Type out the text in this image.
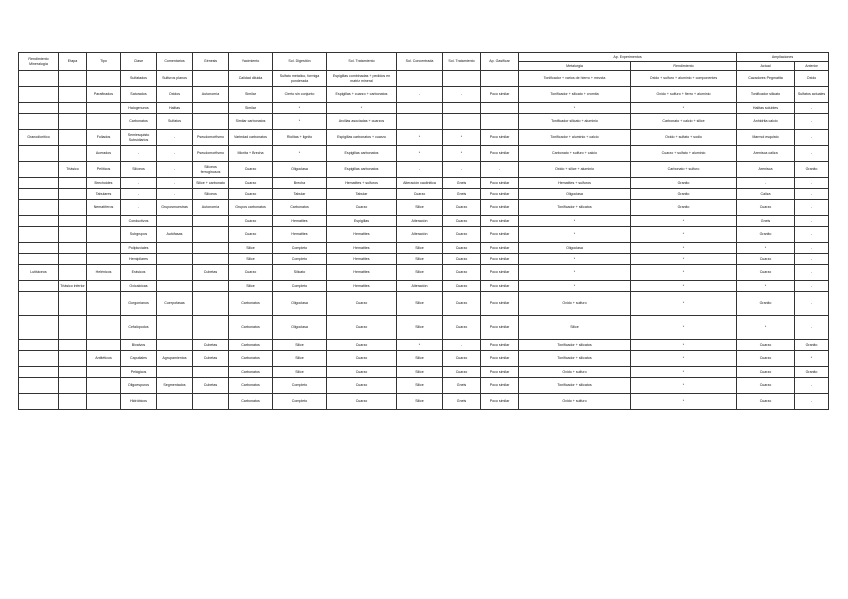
Rendimiento Mineralogía	Etapa	Tipo	Clase	Comentarios	Génesis	Yacimiento	Sol. Digestión	Sol. Tratamiento	Sol. Concentrada	Sol. Tratamiento	Ap. Gasificar	Ap. Experimentos		Ampliaciones	
												Metalurgia	Rendimiento	Actual	Anterior
			Sulfatados	Sulfuros planos		Calidad diluida	Sulfato metalico, formiga ponderada	Espigillas combinadas + pedidos en matriz mineral				Tonificador + varios de hierro + mezcla	Oxido + sulfuro + aluminio + componentes	Cazadores Pegmatita	Oxido
		Parafinados	Saturados	Oxidos	Autonomía	Similar	Cierto sin conjunto	Espigillas + cuarzo + carbonatos	-	-	Poco similar	Tonificador + silicato + cromita	Oxido + sulfuro + fierro + aluminio	Tonificador silicato	Sulfatos actuales
			Halogenuros	Halitas		Similar	*	*				*	*	Halitas solubles	-
			Carbonatos	Sulfatos		Similar carbonatos	*	Arcillas asociadas + cuarzos				Tonificador silicato + aluminio	Carbonato + calcio + silice	Anhidrita calcio	-
Granodiorítico		Foliados	Semiesquisto Subsidiarios	-	Pseudomorfismo	Variedad carbonatos	Riolitas + lignito	Espigillas carbonatos + cuarzo	*	*	Poco similar	Tonificador + aluminio + calcio	Oxido + sulfato + sodio	Marmol esquisto	-
		Acerados	-	-	Pseudomorfismo	Micrita + Brecha	*	Espigillas carbonatos	*	*	Poco similar	Carbonato + sulfuro + calcio	Cuarzo + sulfato + aluminio	Arenisca caliza	-
	Triásico	Pelíticos	Silíceos	-	Silíceos ferruginosos	Cuarzo	Oligoclasa	Espigillas carbonatos	-	-	-	Oxido + silice + aluminio	Carbonato + sulfuro	Arenisca	Granito
		Brechoides	-	-	Silice + carbonato	Cuarzo	Brecha	Hematites + sulfuros	Alteración caolinitica	Gneis	Poco similar	Hematites + sulfuros	Granito	-	-
		Tabulares	-	-	Silíceos	Cuarzo	Tabular	Tabular	Cuarzo	Gneis	Poco similar	Oligoclasa	Granito	Caliza	-
		Nematíferos	-	Gruposmuestras	Autonomía	Grupos carbonatos	Carbonatos	Cuarzo	Silice	Cuarzo	Poco similar	Tonificador + silicatos	Granito	Cuarzo	-
			Conductivos			Cuarzo	Hematites	Espigillas	Alteración	Cuarzo	Poco similar	*	*	Gneis	-
			Subgrupos	Autófasas		Cuarzo	Hematites	Hematites	Alteración	Cuarzo	Poco similar	*	*	Granito	-
			Polipluviales			Silice	Completo	Hematites	Silice	Cuarzo	Poco similar	Oligoclasa	*	*	-
			Hemipilares			Silice	Completo	Hematites	Silice	Cuarzo	Poco similar	*	*	Cuarzo	-
Lutitáceos		Helénicos	Erásicos		Cubetas	Cuarzo	Silicato	Hematites	Silice	Cuarzo	Poco similar	*	*	Cuarzo	-
	Triásico inferior		Oxicalcicas			Silice	Completo	Hematites	Alteración	Cuarzo	Poco similar	*	*	*	-
			Gorgonianos	Cuerpofasas		Carbonatos	Oligoclasa	Cuarzo	Silice	Cuarzo	Poco similar	Oxido + sulfuro	*	Granito	-
			Cefalópodos			Carbonatos	Oligoclasa	Cuarzo	Silice	Cuarzo	Poco similar	Silice	*	*	-
			Bivalvos		Cubetas	Carbonatos	Silice	Cuarzo	*	-	Poco similar	Tonificador + silicatos	*	Cuarzo	Granito
		Antitéticos	Caputiales	Agrupamientos	Cubetas	Carbonatos	Silice	Cuarzo	Silice	Cuarzo	Poco similar	Tonificador + silicatos	*	Cuarzo	*
			Pelágicos			Carbonatos	Silice	Cuarzo	Silice	Cuarzo	Poco similar	Oxido + sulfuro	*	Cuarzo	Granito
			Oligoespuros	Segmentados	Cubetas	Carbonatos	Completo	Cuarzo	Silice	Gneis	Poco similar	Tonificador + silicatos	*	Cuarzo	-
			Hidróbicos			Carbonatos	Completo	Cuarzo	Silice	Gneis	Poco similar	Oxido + sulfuro	*	Cuarzo	-
